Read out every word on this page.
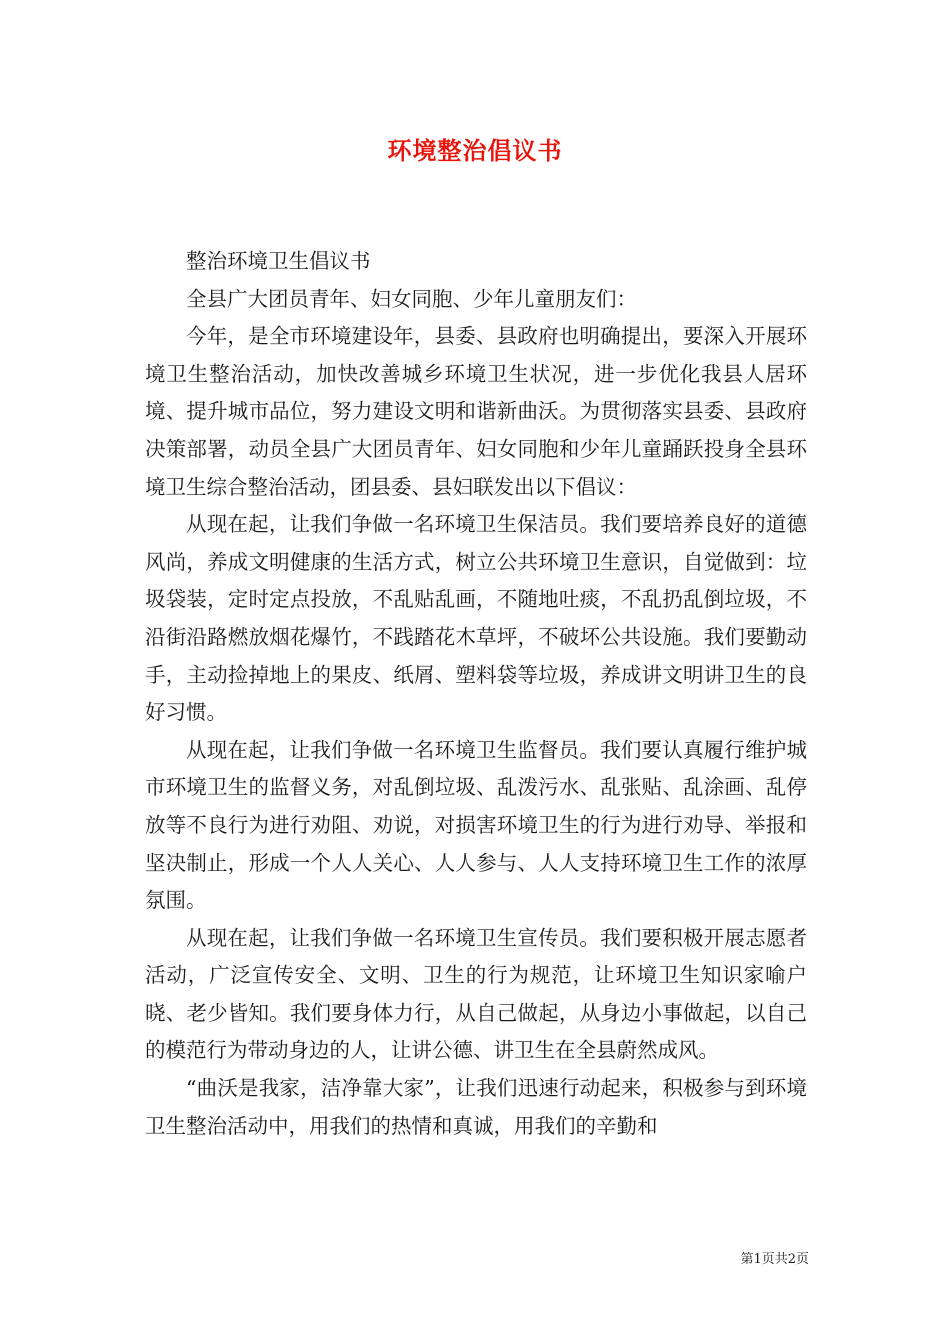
环境整治倡议书

整治环境卫生倡议书

全县广大团员青年、妇女同胞、少年儿童朋友们：

今年，是全市环境建设年，县委、县政府也明确提出，要深入开展环境卫生整治活动，加快改善城乡环境卫生状况，进一步优化我县人居环境、提升城市品位，努力建设文明和谐新曲沃。为贯彻落实县委、县政府决策部署，动员全县广大团员青年、妇女同胞和少年儿童踊跃投身全县环境卫生综合整治活动，团县委、县妇联发出以下倡议：

从现在起，让我们争做一名环境卫生保洁员。我们要培养良好的道德风尚，养成文明健康的生活方式，树立公共环境卫生意识，自觉做到：垃圾袋装，定时定点投放，不乱贴乱画，不随地吐痰，不乱扔乱倒垃圾，不沿街沿路燃放烟花爆竹，不践踏花木草坪，不破坏公共设施。我们要勤动手，主动捡掉地上的果皮、纸屑、塑料袋等垃圾，养成讲文明讲卫生的良好习惯。

从现在起，让我们争做一名环境卫生监督员。我们要认真履行维护城市环境卫生的监督义务，对乱倒垃圾、乱泼污水、乱张贴、乱涂画、乱停放等不良行为进行劝阻、劝说，对损害环境卫生的行为进行劝导、举报和坚决制止，形成一个人人关心、人人参与、人人支持环境卫生工作的浓厚氛围。

从现在起，让我们争做一名环境卫生宣传员。我们要积极开展志愿者活动，广泛宣传安全、文明、卫生的行为规范，让环境卫生知识家喻户晓、老少皆知。我们要身体力行，从自己做起，从身边小事做起，以自己的模范行为带动身边的人，让讲公德、讲卫生在全县蔚然成风。

“曲沃是我家，洁净靠大家”，让我们迅速行动起来，积极参与到环境卫生整治活动中，用我们的热情和真诚，用我们的辛勤和

第1页共2页
